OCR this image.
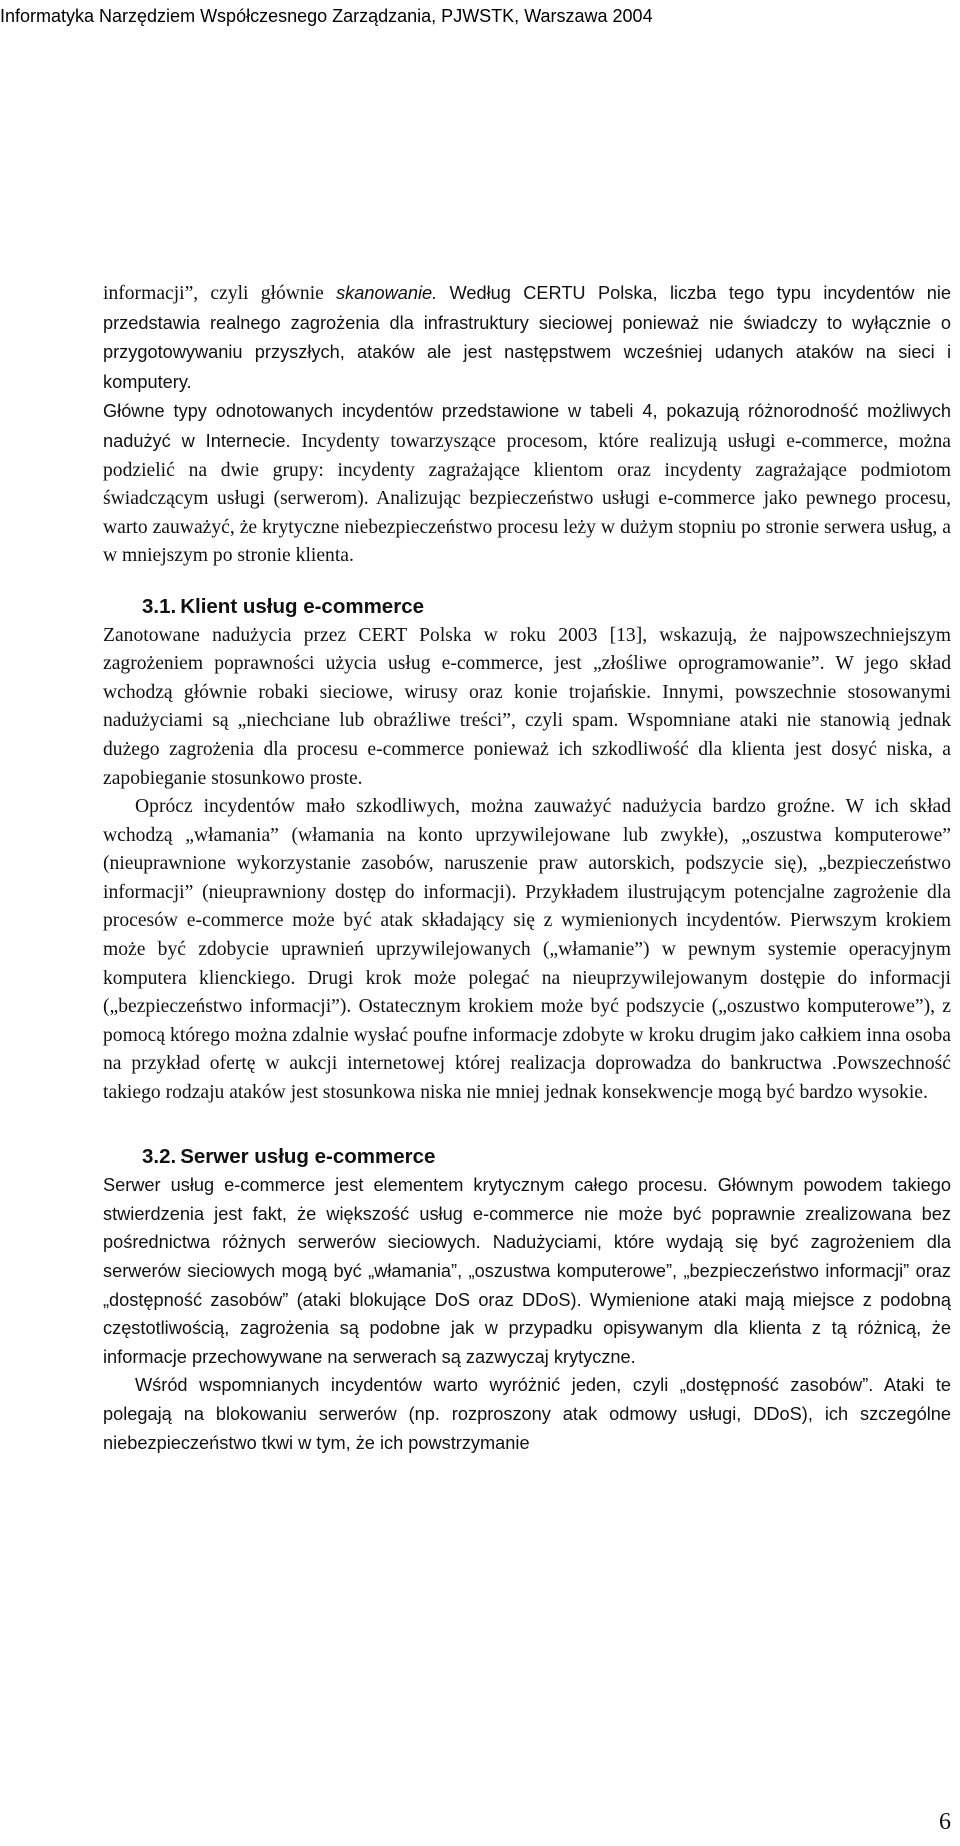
Informatyka Narzędziem Współczesnego Zarządzania, PJWSTK, Warszawa 2004

informacji”, czyli głównie skanowanie. Według CERTU Polska, liczba tego typu incydentów nie przedstawia realnego zagrożenia dla infrastruktury sieciowej ponieważ nie świadczy to wyłącznie o przygotowywaniu przyszłych, ataków ale jest następstwem wcześniej udanych ataków na sieci i komputery.

Główne typy odnotowanych incydentów przedstawione w tabeli 4, pokazują różnorodność możliwych nadużyć w Internecie. Incydenty towarzyszące procesom, które realizują usługi e-commerce, można podzielić na dwie grupy: incydenty zagrażające klientom oraz incydenty zagrażające podmiotom świadczącym usługi (serwerom). Analizując bezpieczeństwo usługi e-commerce jako pewnego procesu, warto zauważyć, że krytyczne niebezpieczeństwo procesu leży w dużym stopniu po stronie serwera usług, a w mniejszym po stronie klienta.

3.1. Klient usług e-commerce

Zanotowane nadużycia przez CERT Polska w roku 2003 [13], wskazują, że najpowszechniejszym zagrożeniem poprawności użycia usług e-commerce, jest „złośliwe oprogramowanie”. W jego skład wchodzą głównie robaki sieciowe, wirusy oraz konie trojańskie. Innymi, powszechnie stosowanymi nadużyciami są „niechciane lub obraźliwe treści”, czyli spam. Wspomniane ataki nie stanowią jednak dużego zagrożenia dla procesu e-commerce ponieważ ich szkodliwość dla klienta jest dosyć niska, a zapobieganie stosunkowo proste.

Oprócz incydentów mało szkodliwych, można zauważyć nadużycia bardzo groźne. W ich skład wchodzą „włamania” (włamania na konto uprzywilejowane lub zwykłe), „oszustwa komputerowe” (nieuprawnione wykorzystanie zasobów, naruszenie praw autorskich, podszycie się), „bezpieczeństwo informacji” (nieuprawniony dostęp do informacji). Przykładem ilustrującym potencjalne zagrożenie dla procesów e-commerce może być atak składający się z wymienionych incydentów. Pierwszym krokiem może być zdobycie uprawnień uprzywilejowanych („włamanie”) w pewnym systemie operacyjnym komputera klienckiego. Drugi krok może polegać na nieuprzywilejowanym dostępie do informacji („bezpieczeństwo informacji”). Ostatecznym krokiem może być podszycie („oszustwo komputerowe”), z pomocą którego można zdalnie wysłać poufne informacje zdobyte w kroku drugim jako całkiem inna osoba na przykład ofertę w aukcji internetowej której realizacja doprowadza do bankructwa .Powszechność takiego rodzaju ataków jest stosunkowa niska nie mniej jednak konsekwencje mogą być bardzo wysokie.

3.2. Serwer usług e-commerce

Serwer usług e-commerce jest elementem krytycznym całego procesu. Głównym powodem takiego stwierdzenia jest fakt, że większość usług e-commerce nie może być poprawnie zrealizowana bez pośrednictwa różnych serwerów sieciowych. Nadużyciami, które wydają się być zagrożeniem dla serwerów sieciowych mogą być „włamania”, „oszustwa komputerowe”, „bezpieczeństwo informacji” oraz „dostępność zasobów” (ataki blokujące DoS oraz DDoS). Wymienione ataki mają miejsce z podobną częstotliwością, zagrożenia są podobne jak w przypadku opisywanym dla klienta z tą różnicą, że informacje przechowywane na serwerach są zazwyczaj krytyczne.

Wśród wspomnianych incydentów warto wyróżnić jeden, czyli „dostępność zasobów”. Ataki te polegają na blokowaniu serwerów (np. rozproszony atak odmowy usługi, DDoS), ich szczególne niebezpieczeństwo tkwi w tym, że ich powstrzymanie

6
